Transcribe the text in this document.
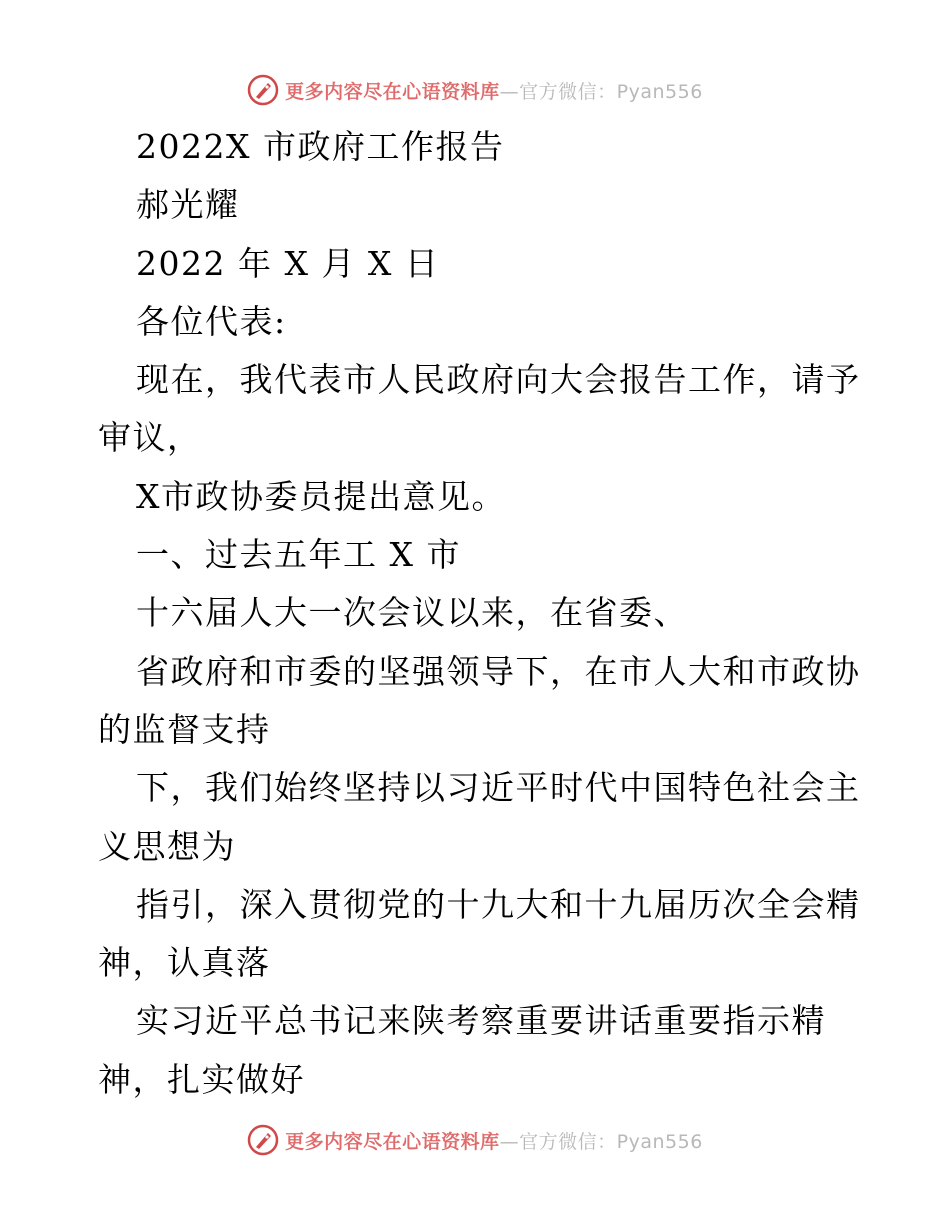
更多内容尽在心语资料库—官方微信：Pyan556

2022X 市政府工作报告

郝光耀

2022 年 X 月 X 日

各位代表:

现在，我代表市人民政府向大会报告工作，请予

审议，

X市政协委员提出意见。

一、过去五年工 X 市

十六届人大一次会议以来，在省委、

省政府和市委的坚强领导下，在市人大和市政协

的监督支持

下，我们始终坚持以习近平时代中国特色社会主

义思想为

指引，深入贯彻党的十九大和十九届历次全会精

神，认真落

实习近平总书记来陕考察重要讲话重要指示精

神，扎实做好

更多内容尽在心语资料库—官方微信：Pyan556
